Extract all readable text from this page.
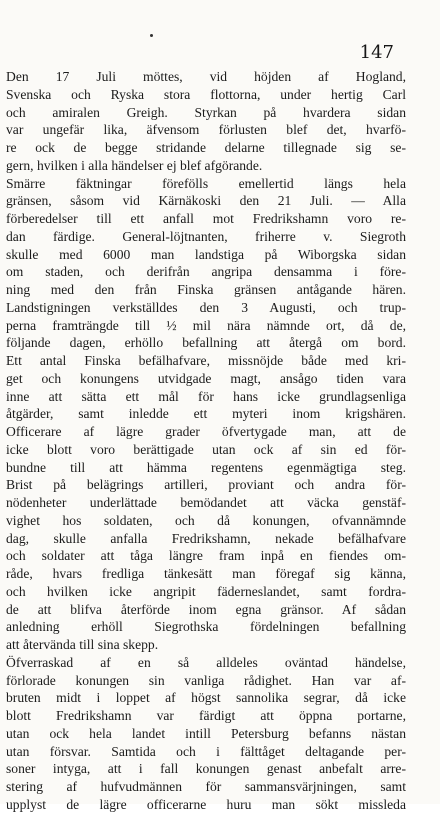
147
Den 17 Juli möttes, vid höjden af Hogland,
Svenska och Ryska stora flottorna, under hertig Carl
och amiralen Greigh. Styrkan på hvardera sidan
var ungefär lika, äfvensom förlusten blef det, hvarfö-
re ock de begge stridande delarne tillegnade sig se-
gern, hvilken i alla händelser ej blef afgörande.
Smärre fäktningar förefölls emellertid längs hela
gränsen, såsom vid Kärnäkoski den 21 Juli. — Alla
förberedelser till ett anfall mot Fredrikshamn voro re-
dan färdige. General-löjtnanten, friherre v. Siegroth
skulle med 6000 man landstiga på Wiborgska sidan
om staden, och derifrån angripa densamma i före-
ning med den från Finska gränsen antågande hären.
Landstigningen verkställdes den 3 Augusti, och trup-
perna framträngde till ½ mil nära nämnde ort, då de,
följande dagen, erhöllo befallning att återgå om bord.
Ett antal Finska befälhafvare, missnöjde både med kri-
get och konungens utvidgade magt, ansågo tiden vara
inne att sätta ett mål för hans icke grundlagsenliga
åtgärder, samt inledde ett myteri inom krigshären.
Officerare af lägre grader öfvertygade man, att de
icke blott voro berättigade utan ock af sin ed för-
bundne till att hämma regentens egenmägtiga steg.
Brist på belägrings artilleri, proviant och andra för-
nödenheter underlättade bemödandet att väcka genstäf-
vighet hos soldaten, och då konungen, ofvannämnde
dag, skulle anfalla Fredrikshamn, nekade befälhafvare
och soldater att tåga längre fram inpå en fiendes om-
råde, hvars fredliga tänkesätt man föregaf sig känna,
och hvilken icke angripit fäderneslandet, samt fordra-
de att blifva återförde inom egna gränsor. Af sådan
anledning erhöll Siegrothska fördelningen befallning
att återvända till sina skepp.
Öfverraskad af en så alldeles oväntad händelse,
förlorade konungen sin vanliga rådighet. Han var af-
bruten midt i loppet af högst sannolika segrar, då icke
blott Fredrikshamn var färdigt att öppna portarne,
utan ock hela landet intill Petersburg befanns nästan
utan försvar. Samtida och i fälttåget deltagande per-
soner intyga, att i fall konungen genast anbefalt arre-
stering af hufvudmännen för sammansvärjningen, samt
upplyst de lägre officerarne huru man sökt missleda
